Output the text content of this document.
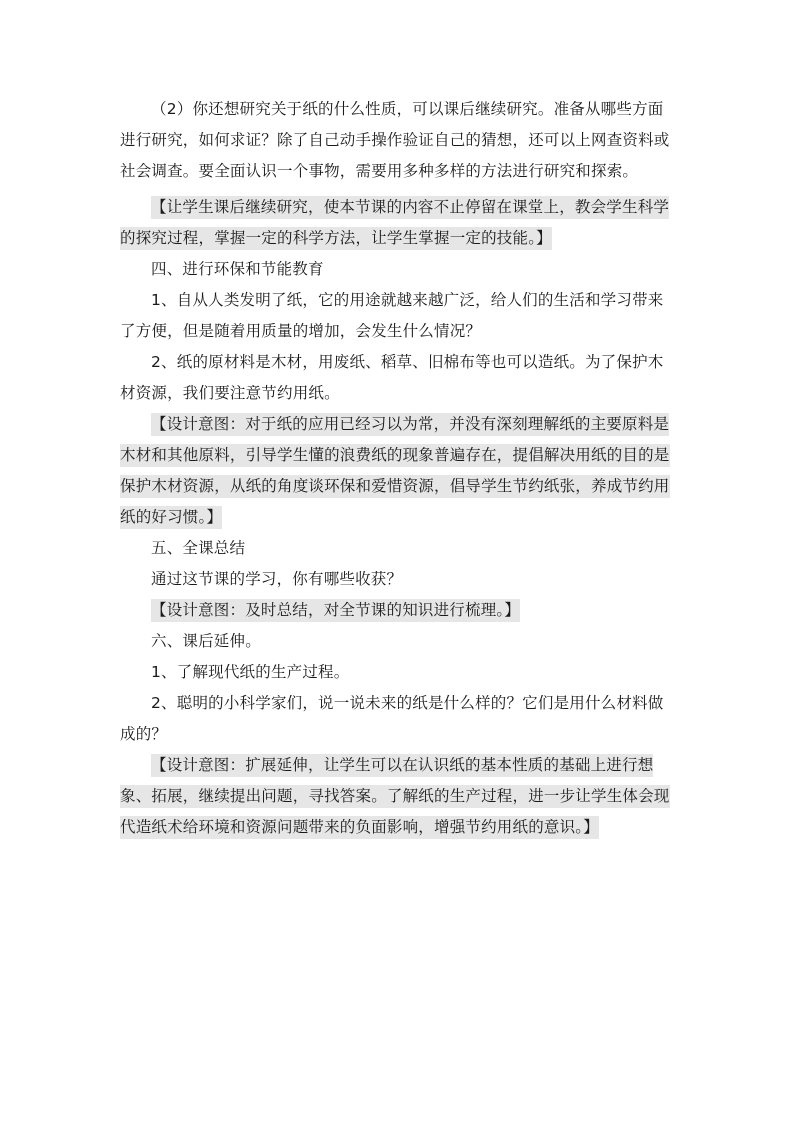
（2）你还想研究关于纸的什么性质，可以课后继续研究。准备从哪些方面进行研究，如何求证？除了自己动手操作验证自己的猜想，还可以上网查资料或社会调查。要全面认识一个事物，需要用多种多样的方法进行研究和探索。
【让学生课后继续研究，使本节课的内容不止停留在课堂上，教会学生科学的探究过程，掌握一定的科学方法，让学生掌握一定的技能。】
四、进行环保和节能教育
1、自从人类发明了纸，它的用途就越来越广泛，给人们的生活和学习带来了方便，但是随着用质量的增加，会发生什么情况？
2、纸的原材料是木材，用废纸、稻草、旧棉布等也可以造纸。为了保护木材资源，我们要注意节约用纸。
【设计意图：对于纸的应用已经习以为常，并没有深刻理解纸的主要原料是木材和其他原料，引导学生懂的浪费纸的现象普遍存在，提倡解决用纸的目的是保护木材资源，从纸的角度谈环保和爱惜资源，倡导学生节约纸张，养成节约用纸的好习惯。】
五、全课总结
通过这节课的学习，你有哪些收获？
【设计意图：及时总结，对全节课的知识进行梳理。】
六、课后延伸。
1、了解现代纸的生产过程。
2、聪明的小科学家们，说一说未来的纸是什么样的？它们是用什么材料做成的？
【设计意图：扩展延伸，让学生可以在认识纸的基本性质的基础上进行想象、拓展，继续提出问题，寻找答案。了解纸的生产过程，进一步让学生体会现代造纸术给环境和资源问题带来的负面影响，增强节约用纸的意识。】
